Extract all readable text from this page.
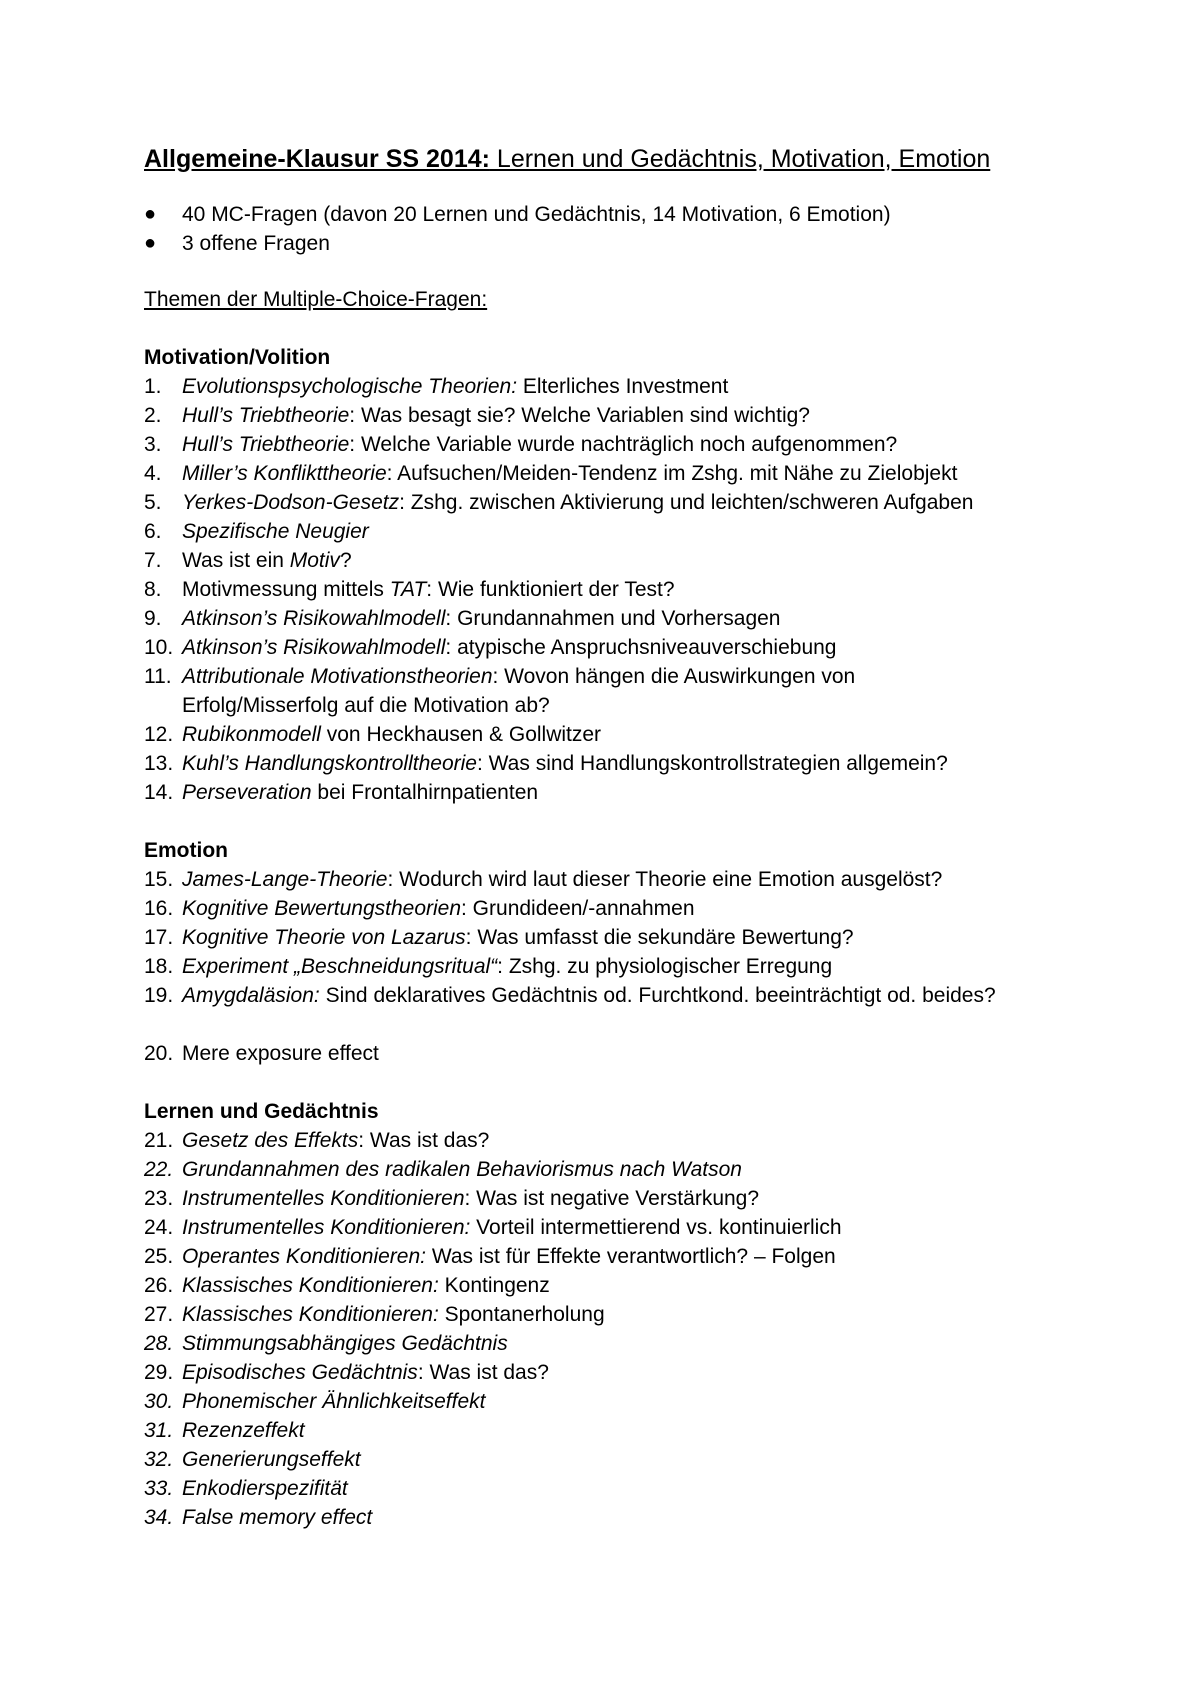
Allgemeine-Klausur SS 2014: Lernen und Gedächtnis, Motivation, Emotion
● 40 MC-Fragen (davon 20 Lernen und Gedächtnis, 14 Motivation, 6 Emotion)
● 3 offene Fragen
Themen der Multiple-Choice-Fragen:
Motivation/Volition
1. Evolutionspsychologische Theorien: Elterliches Investment
2. Hull’s Triebtheorie: Was besagt sie? Welche Variablen sind wichtig?
3. Hull’s Triebtheorie: Welche Variable wurde nachträglich noch aufgenommen?
4. Miller’s Konflikttheorie: Aufsuchen/Meiden-Tendenz im Zshg. mit Nähe zu Zielobjekt
5. Yerkes-Dodson-Gesetz: Zshg. zwischen Aktivierung und leichten/schweren Aufgaben
6. Spezifische Neugier
7. Was ist ein Motiv?
8. Motivmessung mittels TAT: Wie funktioniert der Test?
9. Atkinson’s Risikowahlmodell: Grundannahmen und Vorhersagen
10. Atkinson’s Risikowahlmodell: atypische Anspruchsniveauverschiebung
11. Attributionale Motivationstheorien: Wovon hängen die Auswirkungen von
Erfolg/Misserfolg auf die Motivation ab?
12. Rubikonmodell von Heckhausen & Gollwitzer
13. Kuhl’s Handlungskontrolltheorie: Was sind Handlungskontrollstrategien allgemein?
14. Perseveration bei Frontalhirnpatienten
Emotion
15. James-Lange-Theorie: Wodurch wird laut dieser Theorie eine Emotion ausgelöst?
16. Kognitive Bewertungstheorien: Grundideen/-annahmen
17. Kognitive Theorie von Lazarus: Was umfasst die sekundäre Bewertung?
18. Experiment „Beschneidungsritual“: Zshg. zu physiologischer Erregung
19. Amygdaläsion: Sind deklaratives Gedächtnis od. Furchtkond. beeinträchtigt od. beides?
20. Mere exposure effect
Lernen und Gedächtnis
21. Gesetz des Effekts: Was ist das?
22. Grundannahmen des radikalen Behaviorismus nach Watson
23. Instrumentelles Konditionieren: Was ist negative Verstärkung?
24. Instrumentelles Konditionieren: Vorteil intermettierend vs. kontinuierlich
25. Operantes Konditionieren: Was ist für Effekte verantwortlich? – Folgen
26. Klassisches Konditionieren: Kontingenz
27. Klassisches Konditionieren: Spontanerholung
28. Stimmungsabhängiges Gedächtnis
29. Episodisches Gedächtnis: Was ist das?
30. Phonemischer Ähnlichkeitseffekt
31. Rezenzeffekt
32. Generierungseffekt
33. Enkodierspezifität
34. False memory effect
